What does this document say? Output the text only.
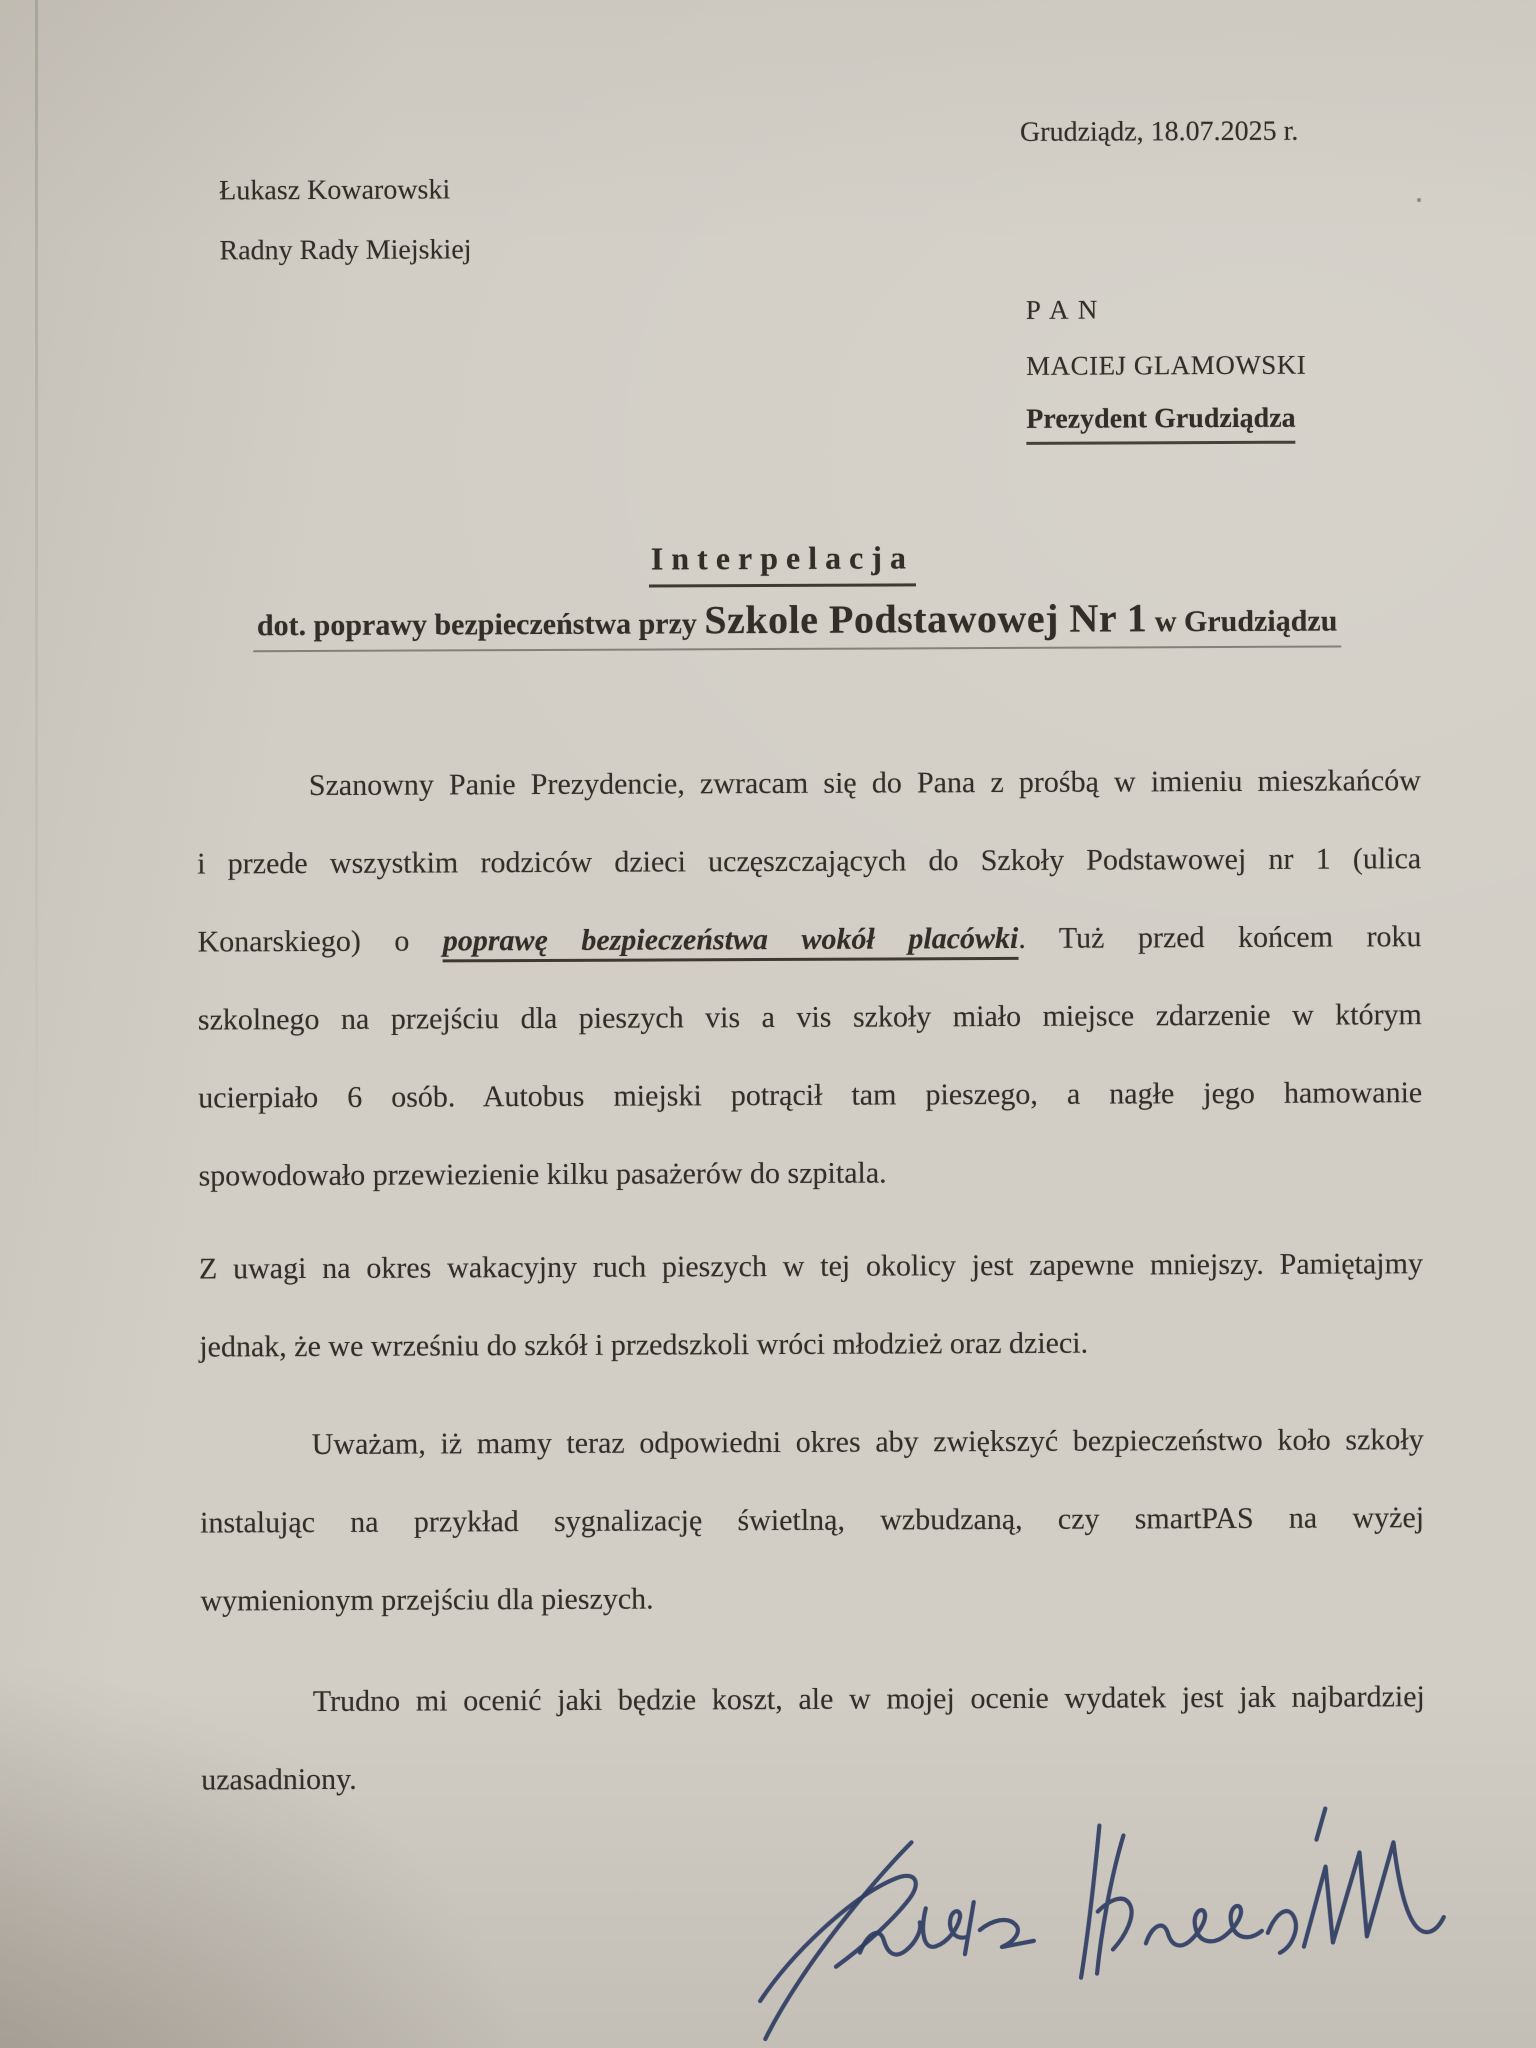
Grudziądz, 18.07.2025 r.
Łukasz Kowarowski
Radny Rady Miejskiej
P A N
MACIEJ GLAMOWSKI
Prezydent Grudziądza
Interpelacja
dot. poprawy bezpieczeństwa przy Szkole Podstawowej Nr 1 w Grudziądzu
Szanowny Panie Prezydencie, zwracam się do Pana z prośbą w imieniu mieszkańców
i przede wszystkim rodziców dzieci uczęszczających do Szkoły Podstawowej nr 1 (ulica
Konarskiego) o poprawę bezpieczeństwa wokół placówki. Tuż przed końcem roku
szkolnego na przejściu dla pieszych vis a vis szkoły miało miejsce zdarzenie w którym
ucierpiało 6 osób. Autobus miejski potrącił tam pieszego, a nagłe jego hamowanie
spowodowało przewiezienie kilku pasażerów do szpitala.
Z uwagi na okres wakacyjny ruch pieszych w tej okolicy jest zapewne mniejszy. Pamiętajmy
jednak, że we wrześniu do szkół i przedszkoli wróci młodzież oraz dzieci.
Uważam, iż mamy teraz odpowiedni okres aby zwiększyć bezpieczeństwo koło szkoły
instalując na przykład sygnalizację świetlną, wzbudzaną, czy smartPAS na wyżej
wymienionym przejściu dla pieszych.
Trudno mi ocenić jaki będzie koszt, ale w mojej ocenie wydatek jest jak najbardziej
uzasadniony.
